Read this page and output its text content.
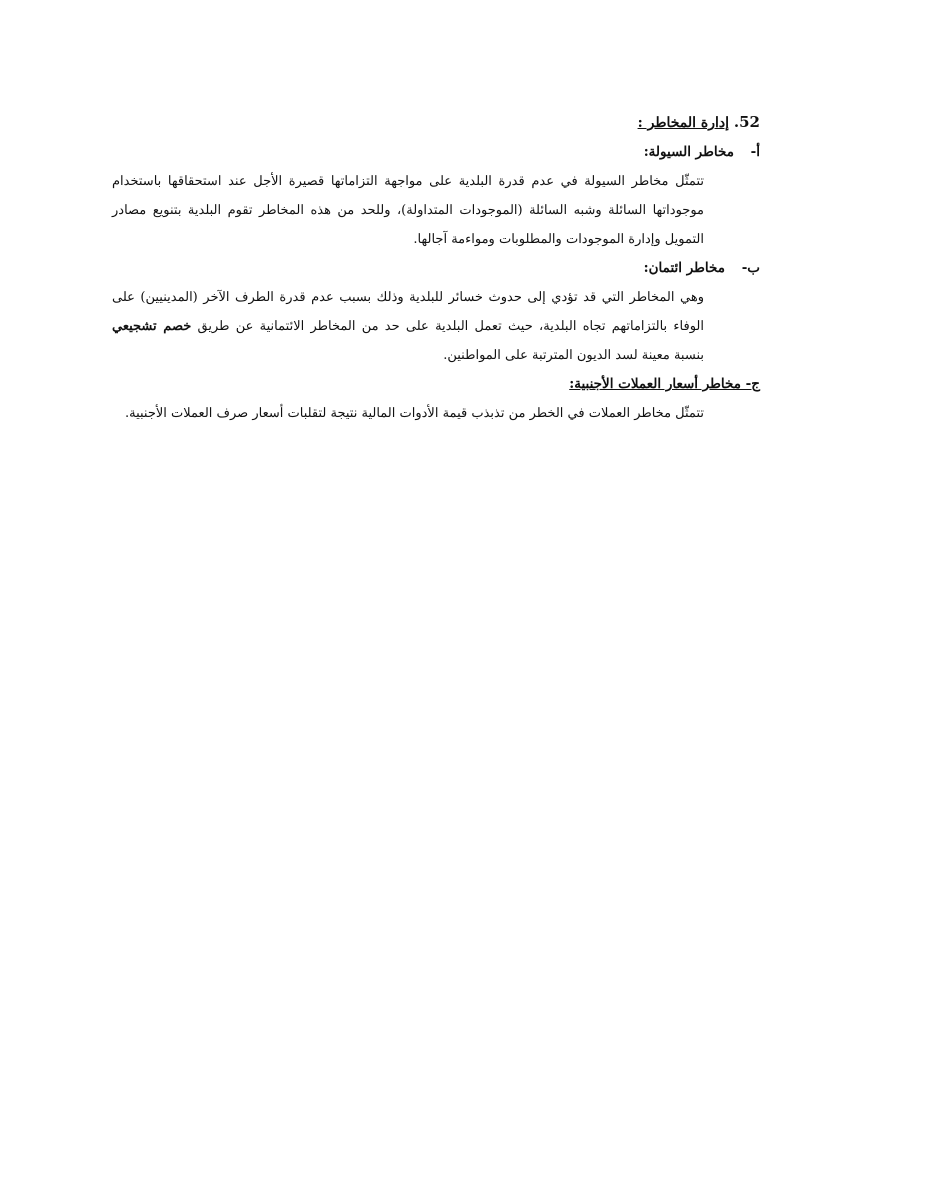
52. إدارة المخاطر :
أ‌- مخاطر السيولة:

تتمثّل مخاطر السيولة في عدم قدرة البلدية على مواجهة التزاماتها قصيرة الأجل عند استحقاقها باستخدام موجوداتها السائلة وشبه السائلة (الموجودات المتداولة)، وللحد من هذه المخاطر تقوم البلدية بتنويع مصادر التمويل وإدارة الموجودات والمطلوبات ومواءمة آجالها.

ب- مخاطر ائتمان:

وهي المخاطر التي قد تؤدي إلى حدوث خسائر للبلدية وذلك بسبب عدم قدرة الطرف الآخر (المدينيين) على الوفاء بالتزاماتهم تجاه البلدية، حيث تعمل البلدية على حد من المخاطر الائتمانية عن طريق خصم تشجيعي بنسبة معينة لسد الديون المترتبة على المواطنين.

ج- مخاطر أسعار العملات الأجنبية:

تتمثّل مخاطر العملات في الخطر من تذبذب قيمة الأدوات المالية نتيجة لتقلبات أسعار صرف العملات الأجنبية.
